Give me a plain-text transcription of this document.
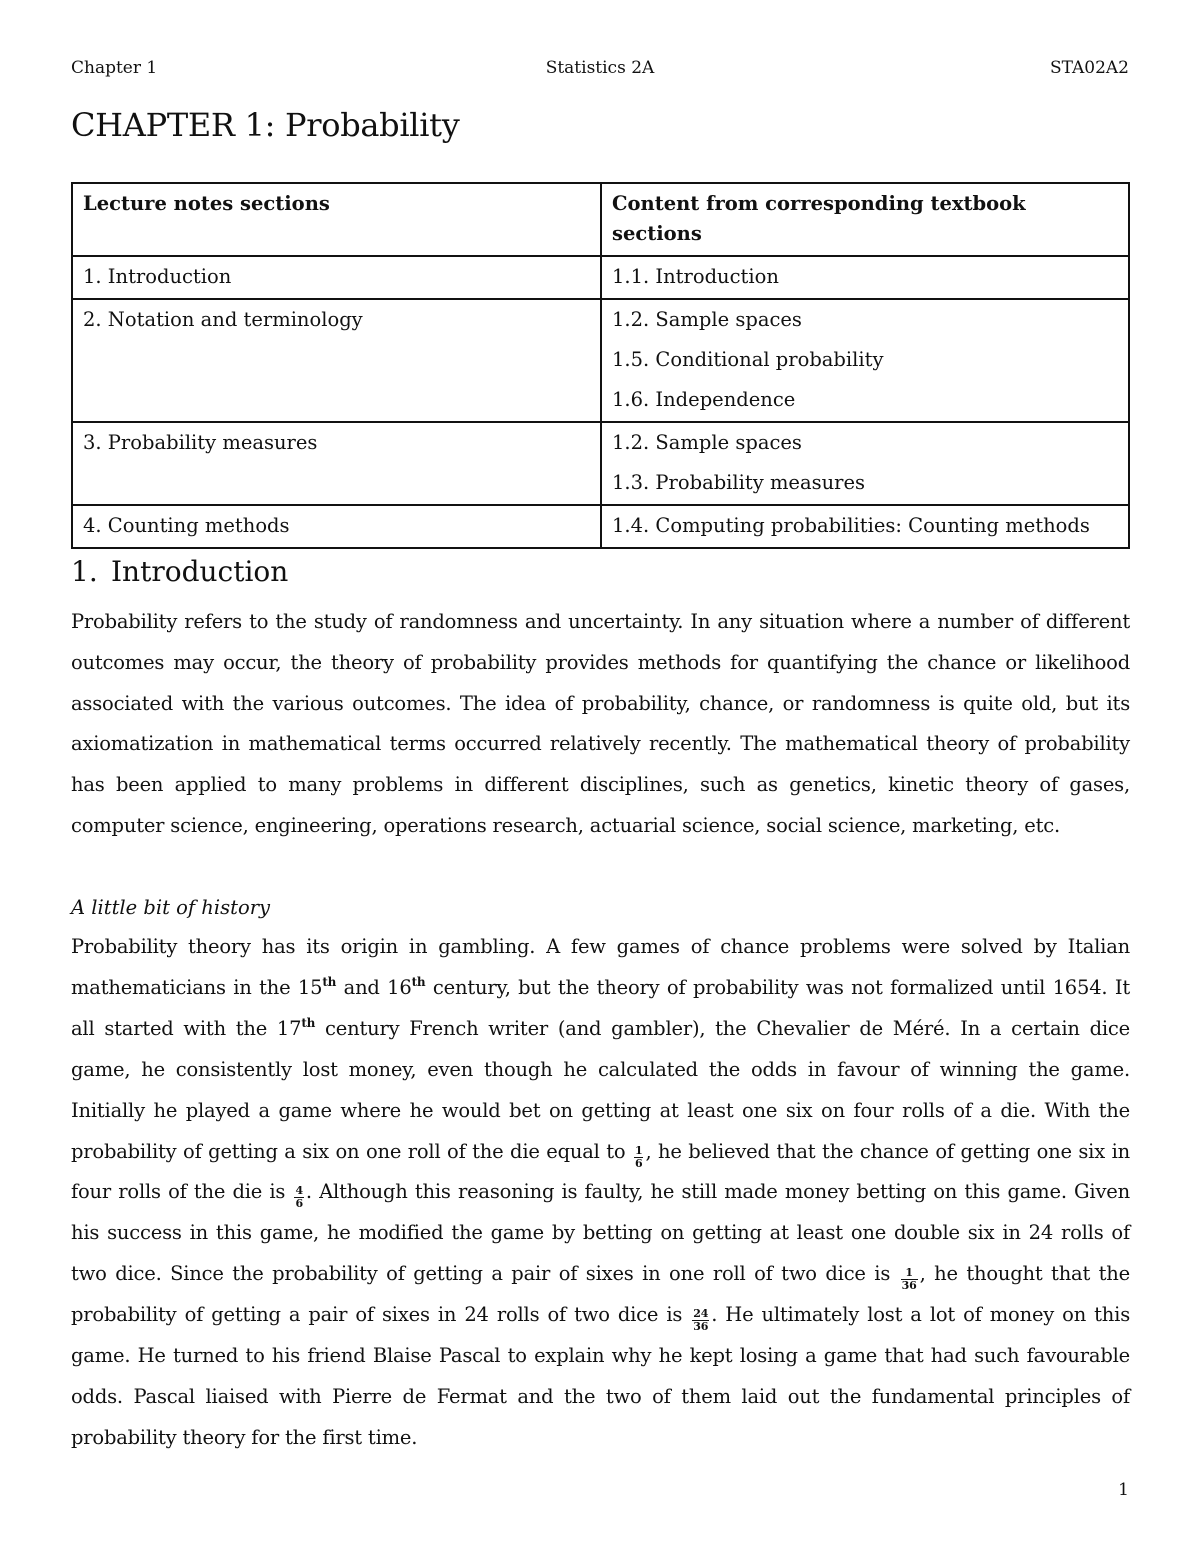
Statistics 2A
Chapter 1	STA02A2
CHAPTER 1: Probability
Lecture notes sections	Content from corresponding textbook sections
1. Introduction	1.1. Introduction

2. Notation and terminology	1.2. Sample spaces
1.5. Conditional probability
1.6. Independence

3. Probability measures	1.2. Sample spaces
1.3. Probability measures

4. Counting methods	1.4. Computing probabilities: Counting methods
1. Introduction

Probability refers to the study of randomness and uncertainty. In any situation where a number of different outcomes may occur, the theory of probability provides methods for quantifying the chance or likelihood associated with the various outcomes. The idea of probability, chance, or randomness is quite old, but its axiomatization in mathematical terms occurred relatively recently. The mathematical theory of probability has been applied to many problems in different disciplines, such as genetics, kinetic theory of gases, computer science, engineering, operations research, actuarial science, social science, marketing, etc.

A little bit of history

Probability theory has its origin in gambling. A few games of chance problems were solved by Italian mathematicians in the 15th and 16th century, but the theory of probability was not formalized until 1654. It all started with the 17th century French writer (and gambler), the Chevalier de Méré. In a certain dice game, he consistently lost money, even though he calculated the odds in favour of winning the game. Initially he played a game where he would bet on getting at least one six on four rolls of a die. With the probability of getting a six on one roll of the die equal to $\frac{1}{6}$ , he believed that the chance of getting one six in four rolls of the die is $\frac{4}{6}$ . Although this reasoning is faulty, he still made money betting on this game. Given his success in this game, he modified the game by betting on getting at least one double six in 24 rolls of two dice. Since the probability of getting a pair of sixes in one roll of two dice is $\frac{1}{36}$ , he thought that the probability of getting a pair of sixes in 24 rolls of two dice is $\frac{24}{36}$ . He ultimately lost a lot of money on this game. He turned to his friend Blaise Pascal to explain why he kept losing a game that had such favourable odds. Pascal liaised with Pierre de Fermat and the two of them laid out the fundamental principles of probability theory for the first time.

1
